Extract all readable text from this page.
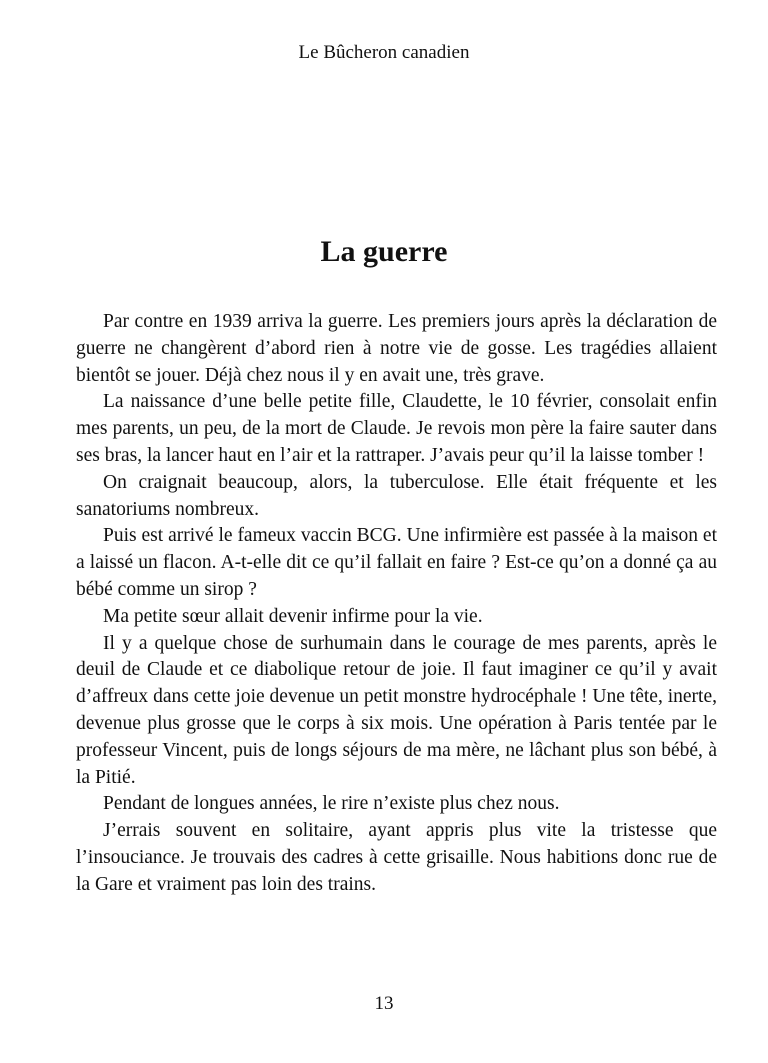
Le Bûcheron canadien
La guerre

Par contre en 1939 arriva la guerre. Les premiers jours après la déclaration de guerre ne changèrent d’abord rien à notre vie de gosse. Les tragédies allaient bientôt se jouer. Déjà chez nous il y en avait une, très grave.

La naissance d’une belle petite fille, Claudette, le 10 février, consolait enfin mes parents, un peu, de la mort de Claude. Je revois mon père la faire sauter dans ses bras, la lancer haut en l’air et la rattraper. J’avais peur qu’il la laisse tomber !

On craignait beaucoup, alors, la tuberculose. Elle était fréquente et les sanatoriums nombreux.

Puis est arrivé le fameux vaccin BCG. Une infirmière est passée à la maison et a laissé un flacon. A-t-elle dit ce qu’il fallait en faire ? Est-ce qu’on a donné ça au bébé comme un sirop ?

Ma petite sœur allait devenir infirme pour la vie.

Il y a quelque chose de surhumain dans le courage de mes parents, après le deuil de Claude et ce diabolique retour de joie. Il faut imaginer ce qu’il y avait d’affreux dans cette joie devenue un petit monstre hydrocéphale ! Une tête, inerte, devenue plus grosse que le corps à six mois. Une opération à Paris tentée par le professeur Vincent, puis de longs séjours de ma mère, ne lâchant plus son bébé, à la Pitié.

Pendant de longues années, le rire n’existe plus chez nous.

J’errais souvent en solitaire, ayant appris plus vite la tristesse que l’insouciance. Je trouvais des cadres à cette grisaille. Nous habitions donc rue de la Gare et vraiment pas loin des trains.

13
